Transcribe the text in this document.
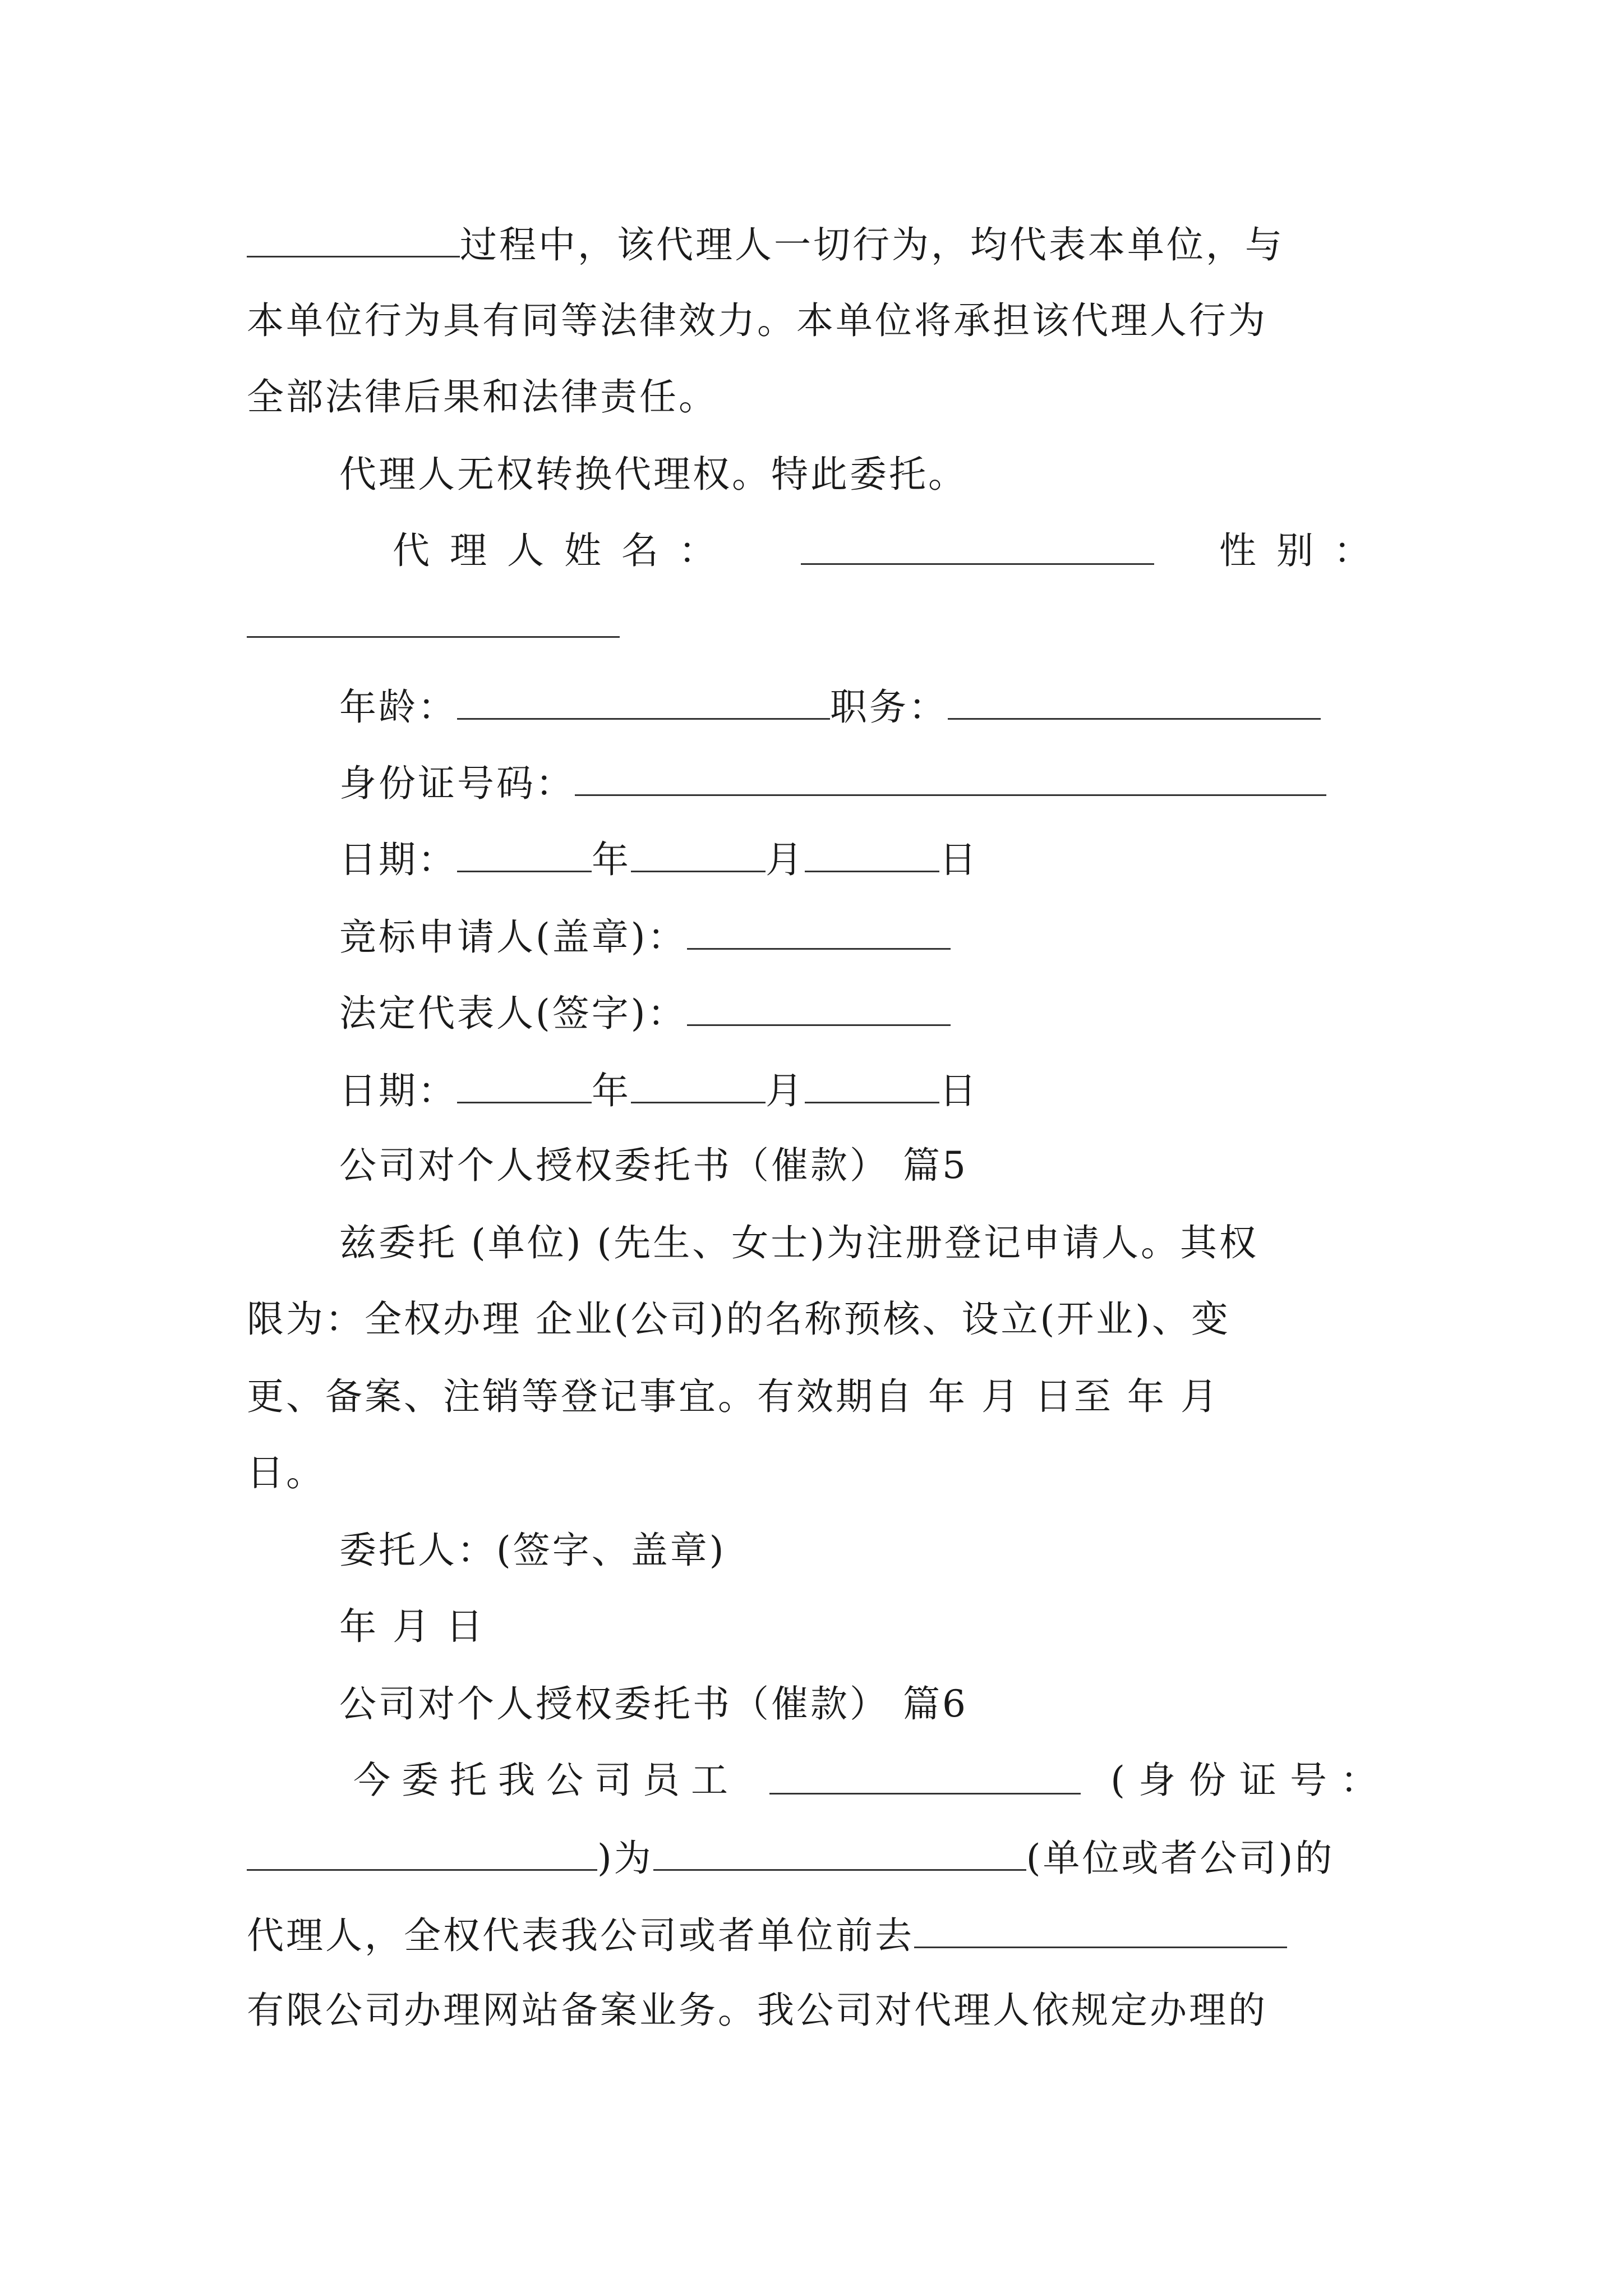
过程中，该代理人一切行为，均代表本单位，与
本单位行为具有同等法律效力。本单位将承担该代理人行为
全部法律后果和法律责任。
代理人无权转换代理权。特此委托。
代理人姓名：	性别：
年龄：	职务：
身份证号码：
日期：	年	月	日
竞标申请人(盖章)：
法定代表人(签字)：
日期：	年	月	日
公司对个人授权委托书（催款） 篇5
兹委托 (单位) (先生、女士)为注册登记申请人。其权
限为：全权办理 企业(公司)的名称预核、设立(开业)、变
更、备案、注销等登记事宜。有效期自 年 月 日至 年 月
日。
委托人：(签字、盖章)
年 月 日
公司对个人授权委托书（催款） 篇6
今委托我公司员工	(身份证号：
)为	(单位或者公司)的
代理人，全权代表我公司或者单位前去
有限公司办理网站备案业务。我公司对代理人依规定办理的
